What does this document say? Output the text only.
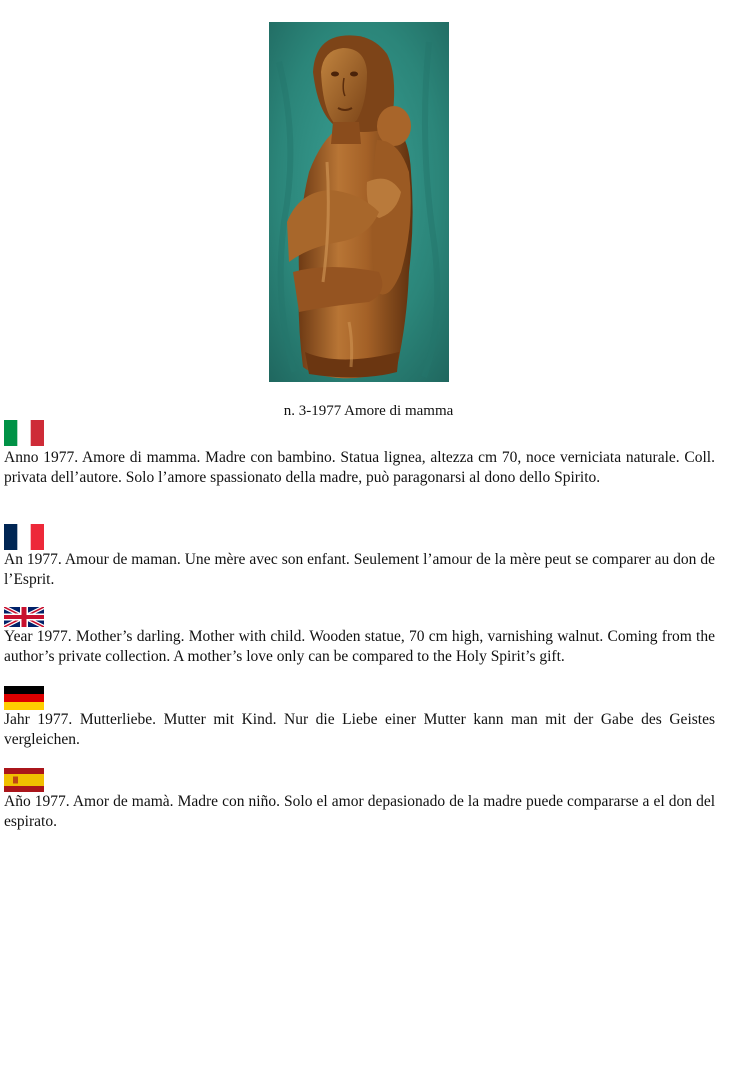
n. 3-1977 Amore di mamma

Anno 1977. Amore di mamma. Madre con bambino. Statua lignea, altezza cm 70, noce verniciata naturale. Coll. privata dell’autore. Solo l’amore spassionato della madre, può paragonarsi al dono dello Spirito.

An 1977. Amour de maman. Une mère avec son enfant. Seulement l’amour de la mère peut se comparer au don de l’Esprit.

Year 1977. Mother’s darling. Mother with child. Wooden statue, 70 cm high, varnishing walnut. Coming from the author’s private collection. A mother’s love only can be compared to the Holy Spirit’s gift.

Jahr 1977. Mutterliebe. Mutter mit Kind. Nur die Liebe einer Mutter kann man mit der Gabe des Geistes vergleichen.

Año 1977. Amor de mamà. Madre con niño. Solo el amor depasionado de la madre puede compararse a el don del espirato.
